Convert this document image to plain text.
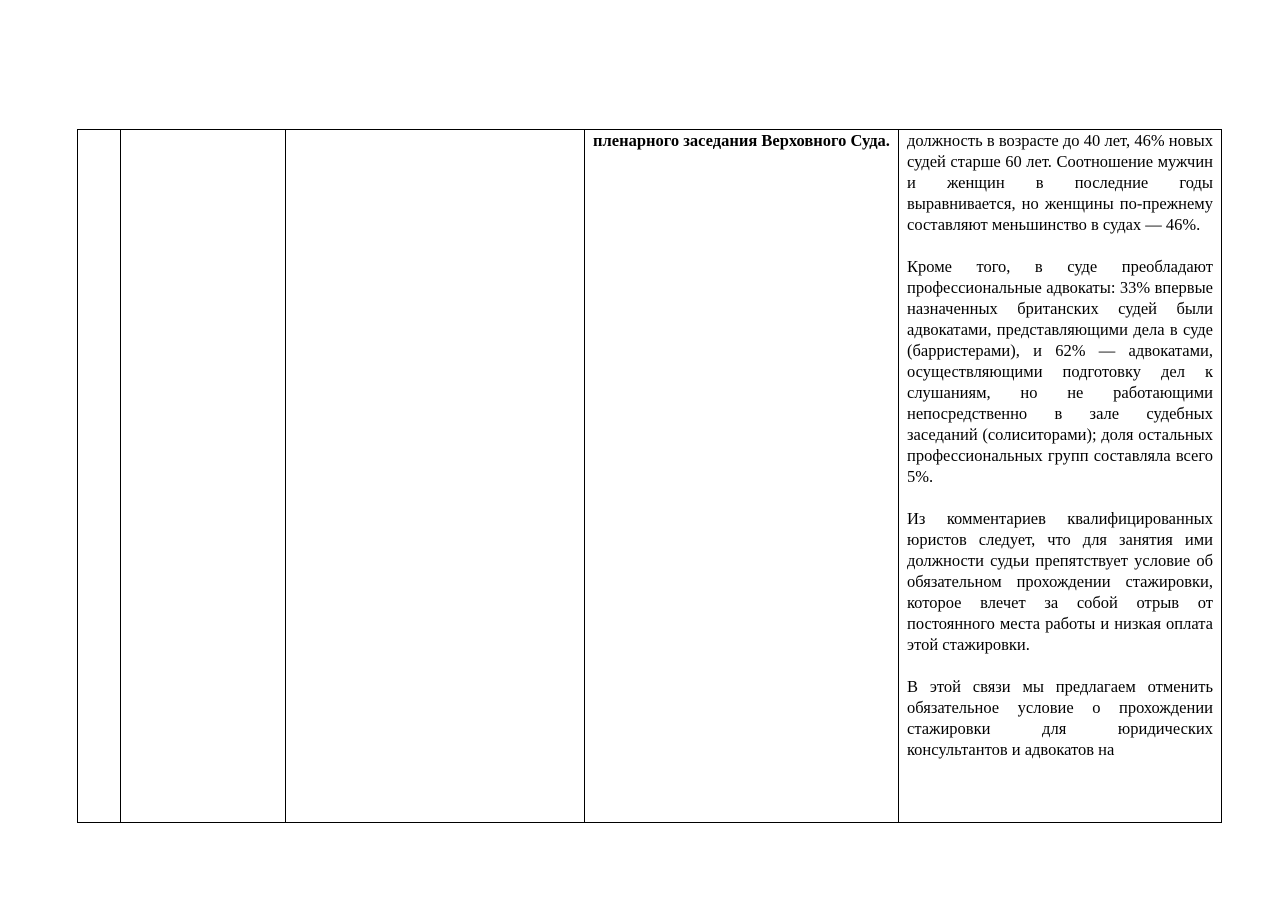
пленарного заседания Верховного Суда.	должность в возрасте до 40 лет, 46% новых судей старше 60 лет. Соотношение мужчин и женщин в последние годы выравнивается, но женщины по-прежнему составляют меньшинство в судах — 46%.

Кроме того, в суде преобладают профессиональные адвокаты: 33% впервые назначенных британских судей были адвокатами, представляющими дела в суде (барристерами), и 62% — адвокатами, осуществляющими подготовку дел к слушаниям, но не работающими непосредственно в зале судебных заседаний (солиситорами); доля остальных профессиональных групп составляла всего 5%.

Из комментариев квалифицированных юристов следует, что для занятия ими должности судьи препятствует условие об обязательном прохождении стажировки, которое влечет за собой отрыв от постоянного места работы и низкая оплата этой стажировки.

В этой связи мы предлагаем отменить обязательное условие о прохождении стажировки для юридических консультантов и адвокатов на
